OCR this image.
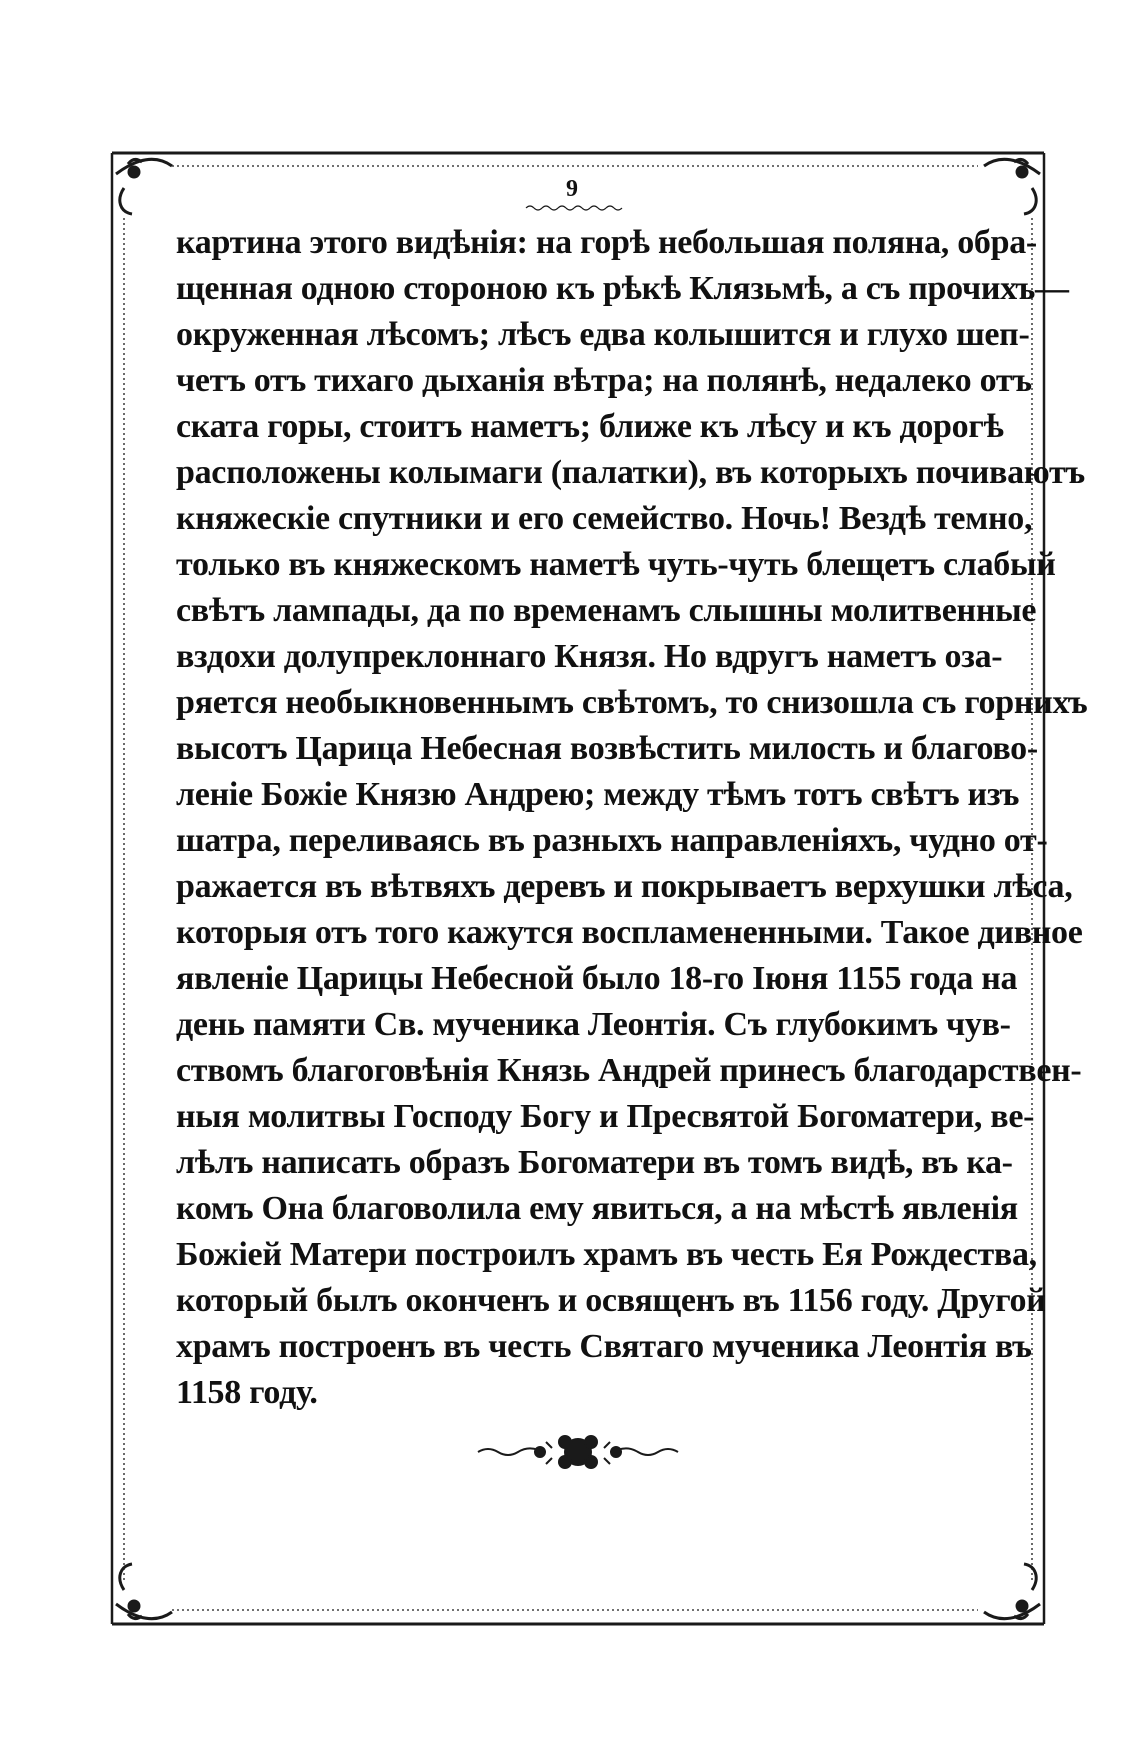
9
картина этого видѣнія: на горѣ небольшая поляна, обра-
щенная одною стороною къ рѣкѣ Клязьмѣ, а съ прочихъ—
окруженная лѣсомъ; лѣсъ едва колышится и глухо шеп-
четъ отъ тихаго дыханія вѣтра; на полянѣ, недалеко отъ
ската горы, стоитъ наметъ; ближе къ лѣсу и къ дорогѣ
расположены колымаги (палатки), въ которыхъ почиваютъ
княжескіе спутники и его семейство. Ночь! Вездѣ темно,
только въ княжескомъ наметѣ чуть-чуть блещетъ слабый
свѣтъ лампады, да по временамъ слышны молитвенные
вздохи долупреклоннаго Князя. Но вдругъ наметъ оза-
ряется необыкновеннымъ свѣтомъ, то снизошла съ горнихъ
высотъ Царица Небесная возвѣстить милость и благово-
леніе Божіе Князю Андрею; между тѣмъ тотъ свѣтъ изъ
шатра, переливаясь въ разныхъ направленіяхъ, чудно от-
ражается въ вѣтвяхъ деревъ и покрываетъ верхушки лѣса,
которыя отъ того кажутся воспламененными. Такое дивное
явленіе Царицы Небесной было 18-го Іюня 1155 года на
день памяти Св. мученика Леонтія. Съ глубокимъ чув-
ствомъ благоговѣнія Князь Андрей принесъ благодарствен-
ныя молитвы Господу Богу и Пресвятой Богоматери, ве-
лѣлъ написать образъ Богоматери въ томъ видѣ, въ ка-
комъ Она благоволила ему явиться, а на мѣстѣ явленія
Божіей Матери построилъ храмъ въ честь Ея Рождества,
который былъ оконченъ и освященъ въ 1156 году. Другой
храмъ построенъ въ честь Святаго мученика Леонтія въ
1158 году.
